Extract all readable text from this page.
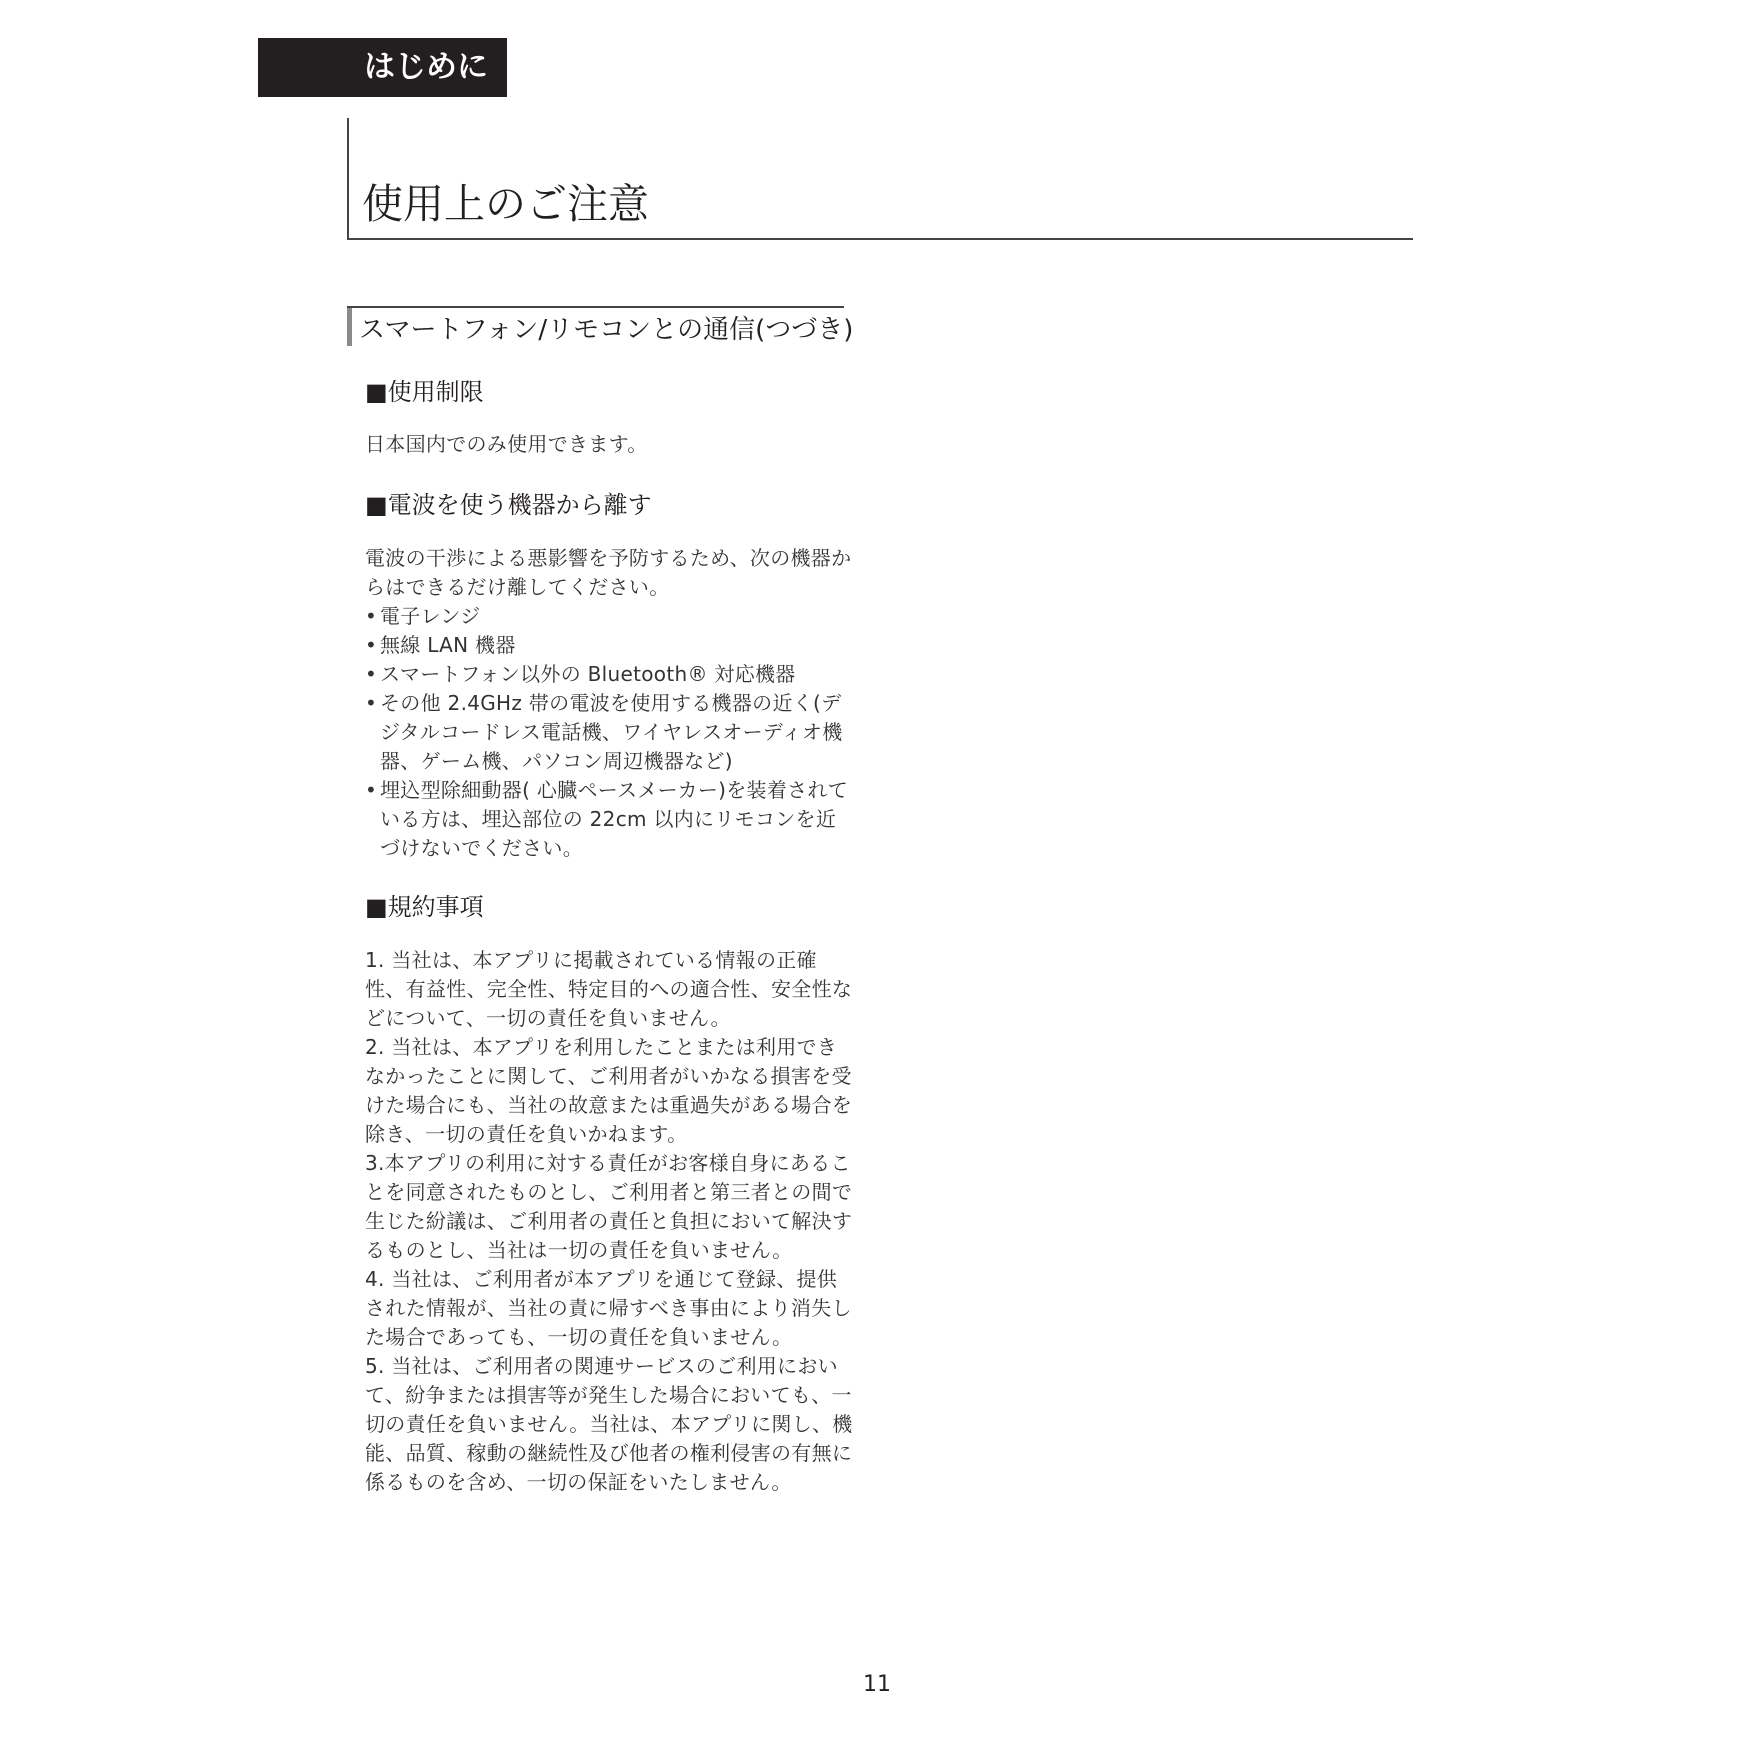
はじめに
使用上のご注意
スマートフォン/リモコンとの通信(つづき)
■使用制限
日本国内でのみ使用できます。
■電波を使う機器から離す

電波の干渉による悪影響を予防するため、次の機器からはできるだけ離してください。

• 電子レンジ
• 無線 LAN 機器
• スマートフォン以外の Bluetooth® 対応機器
• その他 2.4GHz 帯の電波を使用する機器の近く(デジタルコードレス電話機、ワイヤレスオーディオ機器、ゲーム機、パソコン周辺機器など)
• 埋込型除細動器( 心臓ペースメーカー)を装着されている方は、埋込部位の 22cm 以内にリモコンを近づけないでください。
■規約事項
1. 当社は、本アプリに掲載されている情報の正確性、有益性、完全性、特定目的への適合性、安全性などについて、一切の責任を負いません。
2. 当社は、本アプリを利用したことまたは利用できなかったことに関して、ご利用者がいかなる損害を受けた場合にも、当社の故意または重過失がある場合を除き、一切の責任を負いかねます。
3.本アプリの利用に対する責任がお客様自身にあることを同意されたものとし、ご利用者と第三者との間で生じた紛議は、ご利用者の責任と負担において解決するものとし、当社は一切の責任を負いません。
4. 当社は、ご利用者が本アプリを通じて登録、提供された情報が、当社の責に帰すべき事由により消失した場合であっても、一切の責任を負いません。
5. 当社は、ご利用者の関連サービスのご利用において、紛争または損害等が発生した場合においても、一切の責任を負いません。当社は、本アプリに関し、機能、品質、稼動の継続性及び他者の権利侵害の有無に係るものを含め、一切の保証をいたしません。
11
